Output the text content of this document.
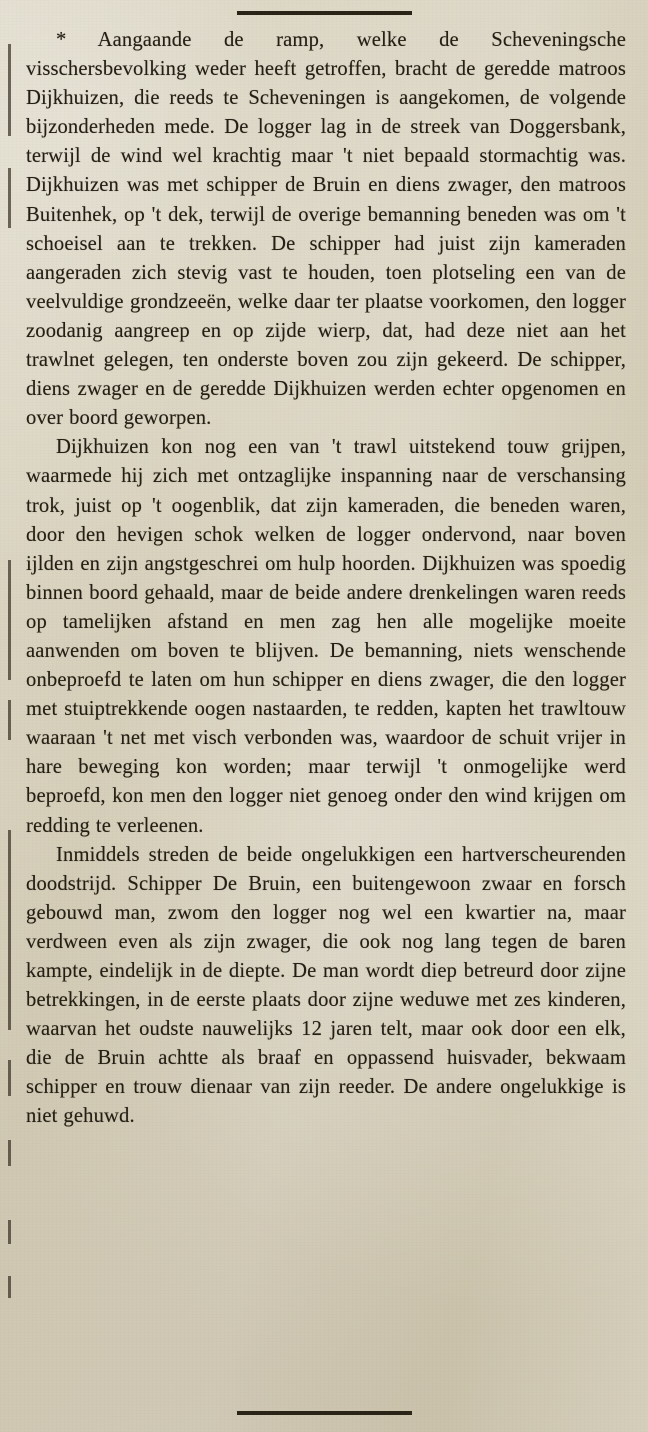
* Aangaande de ramp, welke de Scheveningsche visschersbevolking weder heeft getroffen, bracht de geredde matroos Dijkhuizen, die reeds te Scheveningen is aangekomen, de volgende bijzonderheden mede. De logger lag in de streek van Doggersbank, terwijl de wind wel krachtig maar 't niet bepaald stormachtig was. Dijkhuizen was met schipper de Bruin en diens zwager, den matroos Buitenhek, op 't dek, terwijl de overige bemanning beneden was om 't schoeisel aan te trekken. De schipper had juist zijn kameraden aangeraden zich stevig vast te houden, toen plotseling een van de veelvuldige grondzeeën, welke daar ter plaatse voorkomen, den logger zoodanig aangreep en op zijde wierp, dat, had deze niet aan het trawlnet gelegen, ten onderste boven zou zijn gekeerd. De schipper, diens zwager en de geredde Dijkhuizen werden echter opgenomen en over boord geworpen.

Dijkhuizen kon nog een van 't trawl uitstekend touw grijpen, waarmede hij zich met ontzaglijke inspanning naar de verschansing trok, juist op 't oogenblik, dat zijn kameraden, die beneden waren, door den hevigen schok welken de logger ondervond, naar boven ijlden en zijn angstgeschrei om hulp hoorden. Dijkhuizen was spoedig binnen boord gehaald, maar de beide andere drenkelingen waren reeds op tamelijken afstand en men zag hen alle mogelijke moeite aanwenden om boven te blijven. De bemanning, niets wenschende onbeproefd te laten om hun schipper en diens zwager, die den logger met stuiptrekkende oogen nastaarden, te redden, kapten het trawltouw waaraan 't net met visch verbonden was, waardoor de schuit vrijer in hare beweging kon worden; maar terwijl 't onmogelijke werd beproefd, kon men den logger niet genoeg onder den wind krijgen om redding te verleenen.

Inmiddels streden de beide ongelukkigen een hartverscheurenden doodstrijd. Schipper De Bruin, een buitengewoon zwaar en forsch gebouwd man, zwom den logger nog wel een kwartier na, maar verdween even als zijn zwager, die ook nog lang tegen de baren kampte, eindelijk in de diepte. De man wordt diep betreurd door zijne betrekkingen, in de eerste plaats door zijne weduwe met zes kinderen, waarvan het oudste nauwelijks 12 jaren telt, maar ook door een elk, die de Bruin achtte als braaf en oppassend huisvader, bekwaam schipper en trouw dienaar van zijn reeder. De andere ongelukkige is niet gehuwd.
